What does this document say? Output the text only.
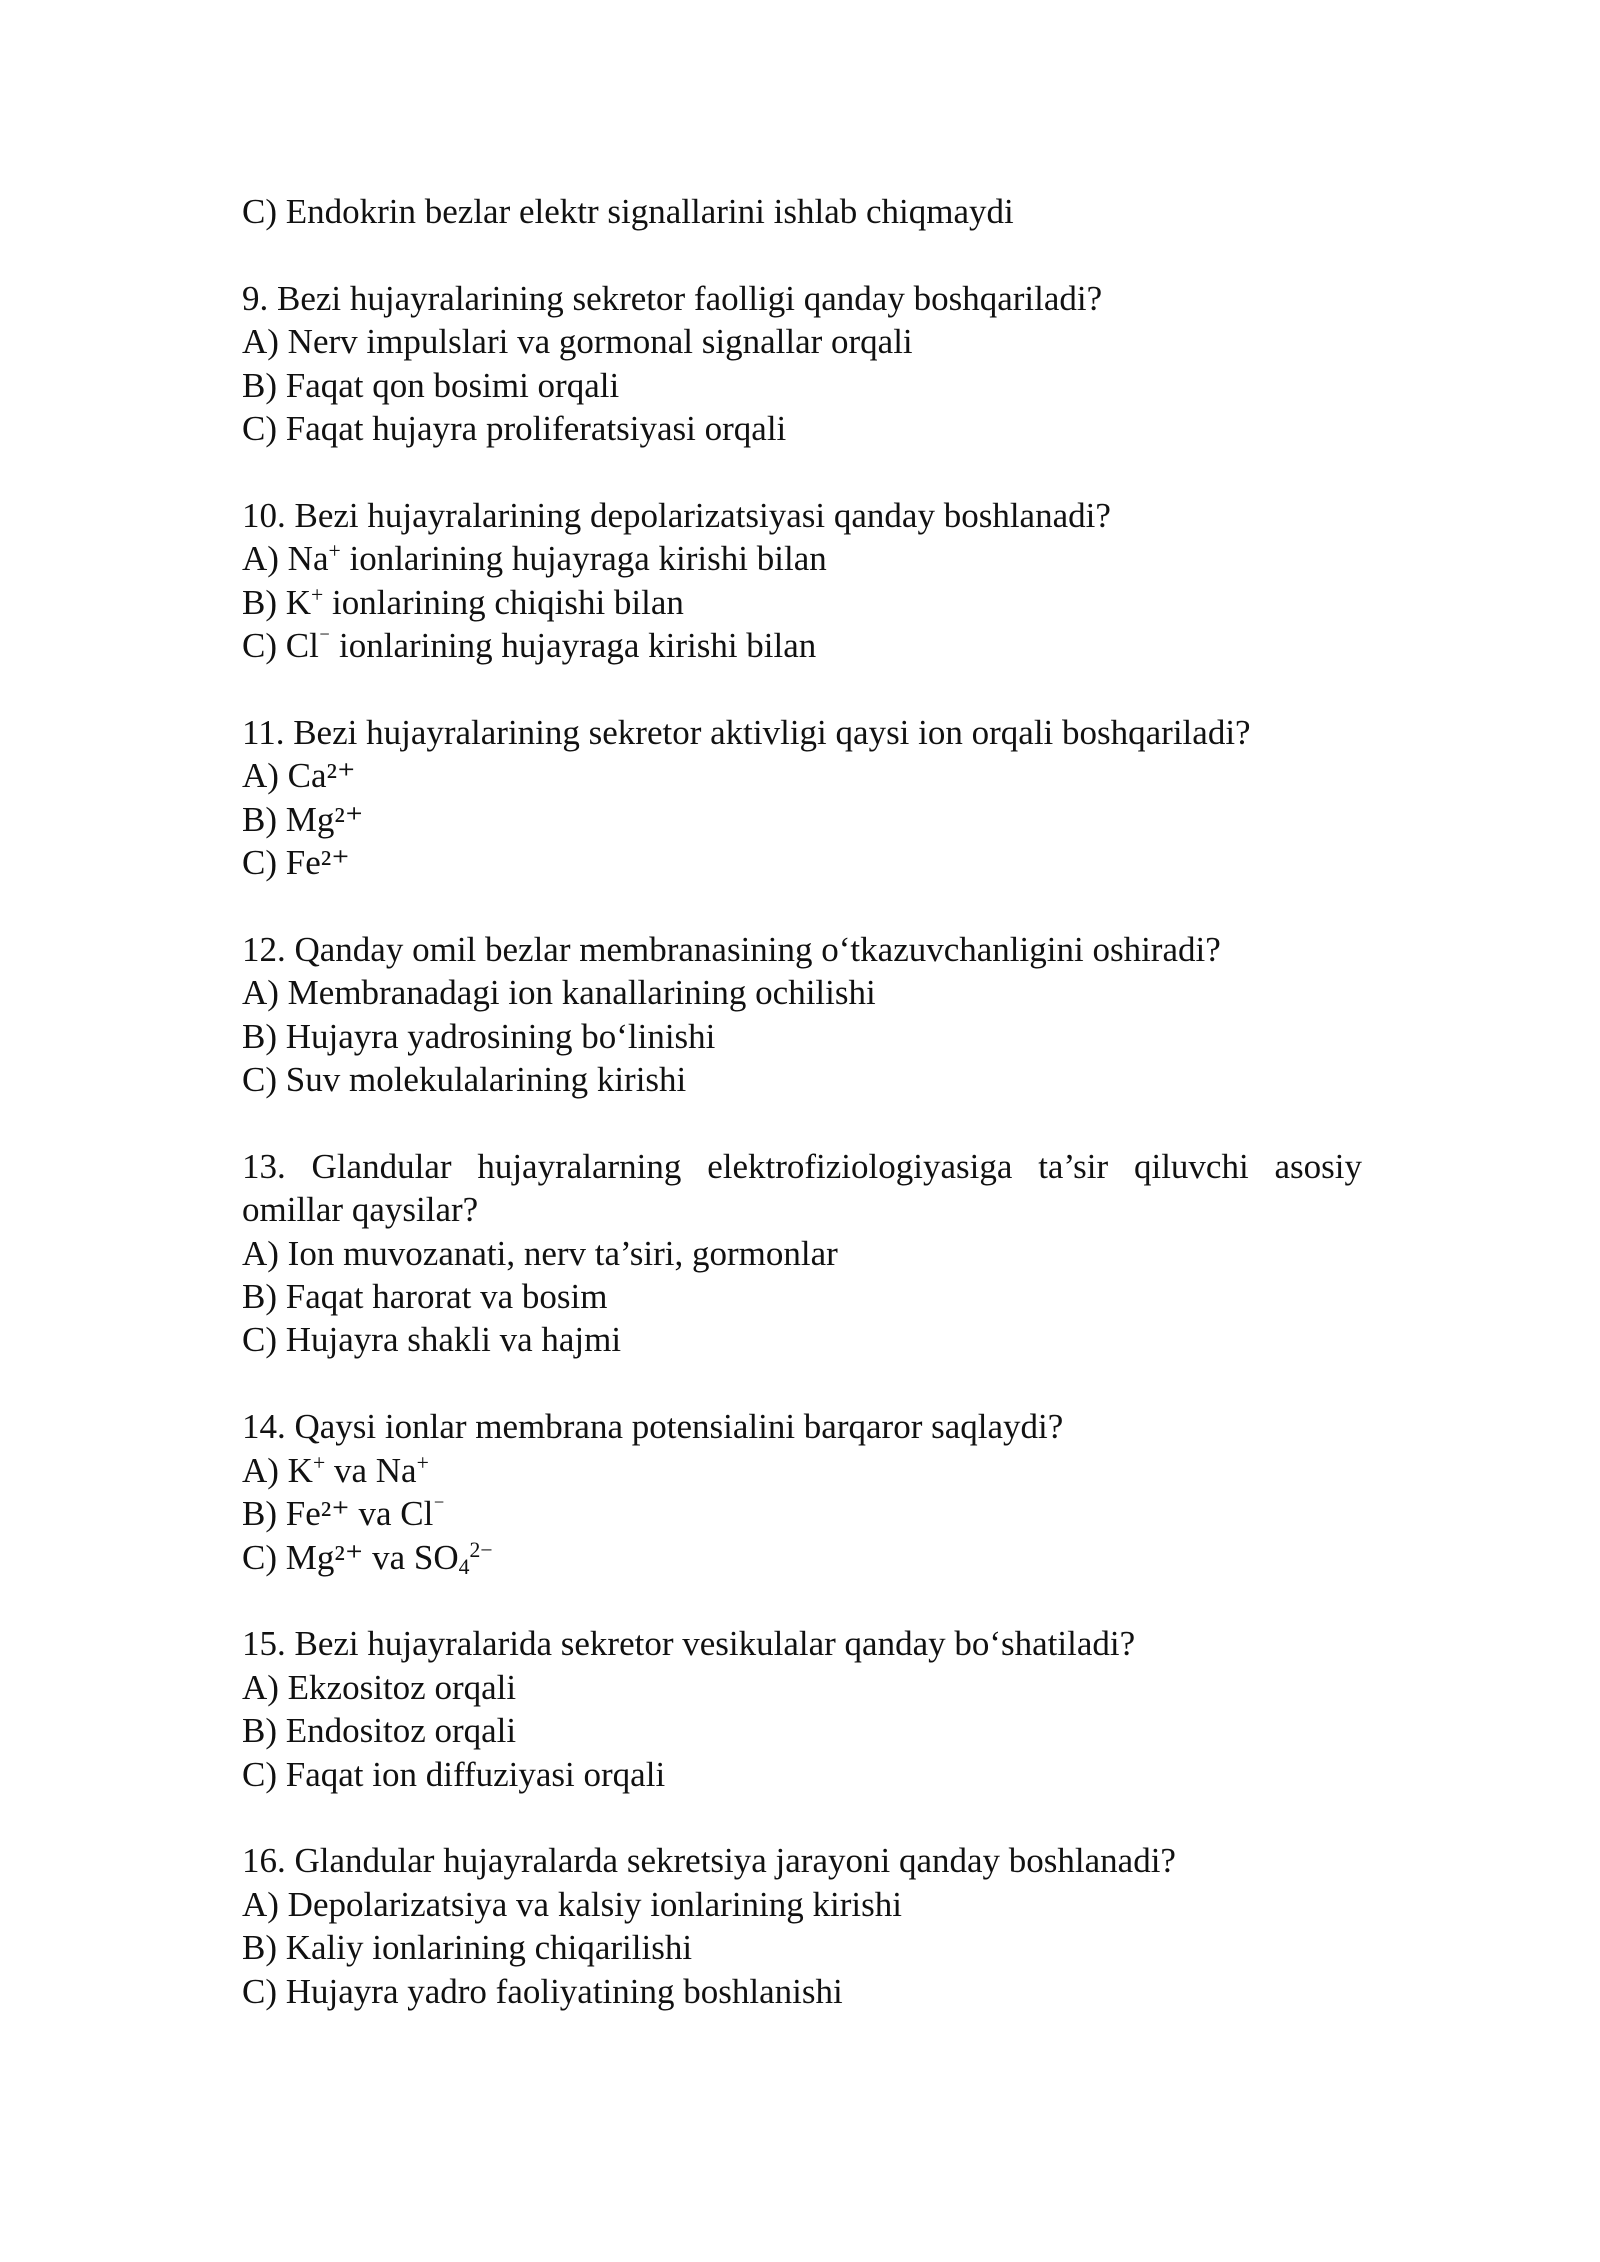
C) Endokrin bezlar elektr signallarini ishlab chiqmaydi

9. Bezi hujayralarining sekretor faolligi qanday boshqariladi?

A) Nerv impulslari va gormonal signallar orqali

B) Faqat qon bosimi orqali

C) Faqat hujayra proliferatsiyasi orqali

10. Bezi hujayralarining depolarizatsiyasi qanday boshlanadi?

A) Na+ ionlarining hujayraga kirishi bilan

B) K+ ionlarining chiqishi bilan

C) Cl⁻ ionlarining hujayraga kirishi bilan

11. Bezi hujayralarining sekretor aktivligi qaysi ion orqali boshqariladi?

A) Ca²⁺

B) Mg²⁺

C) Fe²⁺

12. Qanday omil bezlar membranasining o‘tkazuvchanligini oshiradi?

A) Membranadagi ion kanallarining ochilishi

B) Hujayra yadrosining bo‘linishi

C) Suv molekulalarining kirishi

13. Glandular hujayralarning elektrofiziologiyasiga ta’sir qiluvchi asosiy

omillar qaysilar?

A) Ion muvozanati, nerv ta’siri, gormonlar

B) Faqat harorat va bosim

C) Hujayra shakli va hajmi

14. Qaysi ionlar membrana potensialini barqaror saqlaydi?

A) K+ va Na+

B) Fe²⁺ va Cl⁻

C) Mg²⁺ va $SO_4^{2-}$

15. Bezi hujayralarida sekretor vesikulalar qanday bo‘shatiladi?

A) Ekzositoz orqali

B) Endositoz orqali

C) Faqat ion diffuziyasi orqali

16. Glandular hujayralarda sekretsiya jarayoni qanday boshlanadi?

A) Depolarizatsiya va kalsiy ionlarining kirishi

B) Kaliy ionlarining chiqarilishi

C) Hujayra yadro faoliyatining boshlanishi
